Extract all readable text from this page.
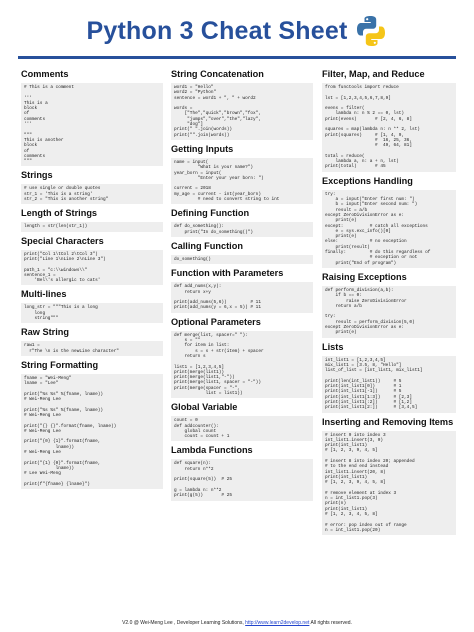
Python 3 Cheat Sheet
Comments
# This is a comment

'''
This is a
block
of
comments
'''

"""
This is another
block
of
comments
"""
Strings
# use single or double quotes
str_1 = 'This is a string'
str_2 = "This is another string"
Length of Strings
length = str(len(str_1))
Special Characters
print("Col 1\tCol 2\tCol 3")
print("Line 1\nLine 2\nLine 3")

path_1 = "c:\\windows\\"
sentence_1 =
'Bel\'s allergic to cats'
Multi-lines
long_str = """This is a long
long
string"""
Raw String
raw1 =
r"The \n is the newLine character"
String Formatting
fname = "Wei-Meng"
lname = "Lee"

print("%s %s" %(fname, lname))
# Wei-Meng Lee

print("%s %s" %(fname, lname))
# Wei-Meng Lee

print("{} {}".format(fname, lname))
# Wei-Meng Lee

print("{0} {1}".format(fname,
lname))
# Wei-Meng Lee

print("{1} {0}".format(fname,
lname))
# Lee Wei-Meng

print(f"{fname} {lname}")
String Concatenation
word1 = "Hello"
word2 = "Python"
sentence = word1 + ", " + word2

words =
["The","quick","brown","fox",
"jumps","over","the","lazy",
"dog"]
print(" ".join(words))
print("".join(words))
Getting Inputs
name = input(
"What is your name?")
year_born = input(
"Enter your year born: ")

current = 2018
my_age = current - int(year_born)
# need to convert string to int
Defining Function
def do_something():
print("In do_something()")
Calling Function
do_something()
Function with Parameters
def add_nums(x,y):
return x+y

print(add_nums(5,6))         # 11
print(add_nums(y = 6,x = 5)) # 11
Optional Parameters
def merge(list, spacer=" "):
s = ""
for item in list:
s = s + str(item) + spacer
return s

list1 = [1,2,3,4,5]
print(merge(list1))
print(merge(list1,"-"))
print(merge(list1, spacer = "-"))
print(merge(spacer = "-",
list = list1))
Global Variable
count = 0
def addcounter():
global count
count = count + 1
Lambda Functions
def square(n):
return n**2

print(square(5))  # 25

g = lambda n: n**2
print(g(5))       # 25
Filter, Map, and Reduce
from functools import reduce

lst = [1,2,3,4,5,6,7,8,9]

evens = filter(
lambda n: n % 2 == 0, lst)
print(evens)       # [2, 4, 6, 8]

squares = map(lambda n: n ** 2, lst)
print(squares)     # [1, 4, 9,
#  16, 25, 36,
#  49, 64, 81]

total = reduce(
lambda a, n: a + n, lst)
print(total)       # 45
Exceptions Handling
try:
a = input("Enter first num: ")
b = input("Enter second num: ")
result = a/b
except ZeroDivisionError as e:
print(e)
except:          # catch all exceptions
e = sys.exc_info()[0]
print(e)
else:            # no exception
print(result)
finally:         # do this regardless of
# exception or not
print("End of program")
Raising Exceptions
def perform_division(a,b):
if b == 0:
raise ZeroDivisionError
return a/b

try:
result = perform_division(5,0)
except ZeroDivisionError as e:
print(e)
Lists
int_list1 = [1,2,3,4,5]
mix_list1 = [3.5, 8, "Hello"]
list_of_list = [int_list1, mix_list1]

print(len(int_list1))     # 5
print(int_list1[0])       # 1
print(int_list1[-1])      # 5
print(int_list1[1:3])     # [2,3]
print(int_list1[:2])      # [1,2]
print(int_list1[2:])      # [3,4,5]
Inserting and Removing Items
# insert 9 into index 3
int_list1.insert(3, 9)
print(int_list1)
# [1, 2, 3, 9, 4, 5]

# insert 8 into index 20; appended
# to the end end instead
int_list1.insert(20, 8)
print(int_list1)
# [1, 2, 3, 9, 4, 5, 8]

# remove element at index 3
n = int_list1.pop(3)
print(n)
print(int_list1)
# [1, 2, 3, 4, 5, 8]

# error: pop index out of range
n = int_list1.pop(20)
V2.0 @ Wei-Meng Lee , Developer Learning Solutions, http://www.learn2develop.net All rights reserved.
